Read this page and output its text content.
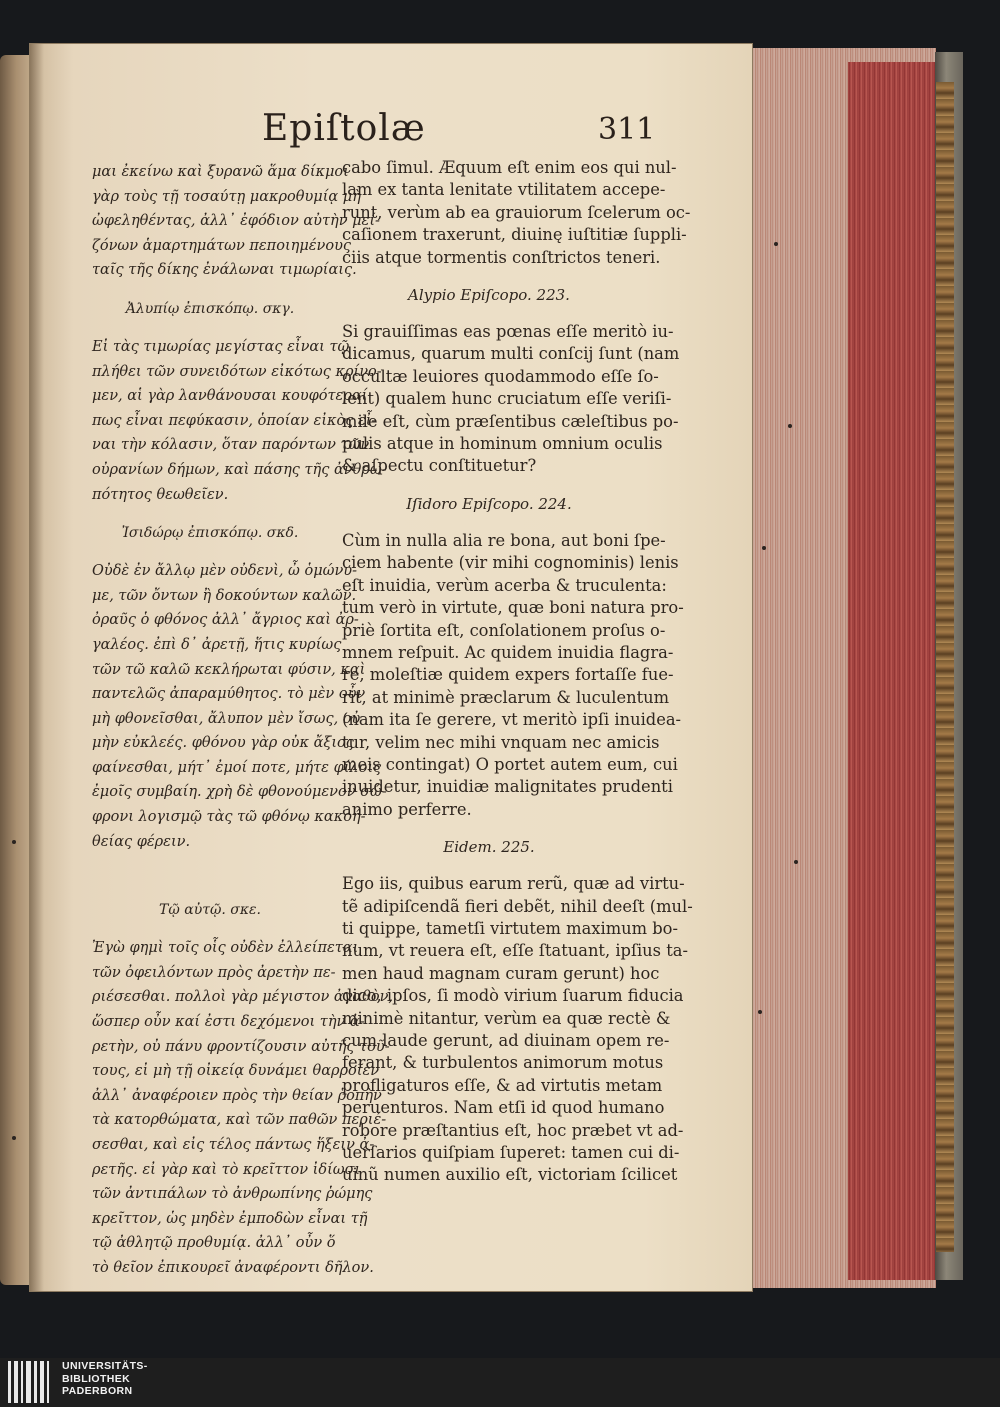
Epiſtolæ	311
μαι ἐκείνω καὶ ξυρανῶ ἅμα δίκμοι
γὰρ τοὺς τῇ τοσαύτῃ μακροθυμίᾳ μὴ
ὠφεληθέντας, ἀλλ᾽ ἐφόδιον αὐτὴν μεί-
ζόνων ἁμαρτημάτων πεποιημένους
ταῖς τῆς δίκης ἐνάλωναι τιμωρίαις.
Ἀλυπίῳ ἐπισκόπῳ. σκγ.
Εἰ τὰς τιμωρίας μεγίστας εἶναι τῷ
πλήθει τῶν συνειδότων εἰκότως κρίνο-
μεν, αἱ γὰρ λανθάνουσαι κουφότεραί
πως εἶναι πεφύκασιν, ὁποίαν εἰκὸς εἶ-
ναι τὴν κόλασιν, ὅταν παρόντων τῶν
οὐρανίων δήμων, καὶ πάσης τῆς ἀνθρω-
πότητος θεωθεῖεν.
Ἰσιδώρῳ ἐπισκόπῳ. σκδ.
Οὐδὲ ἐν ἄλλῳ μὲν οὐδενὶ, ὦ ὁμώνυ-
με, τῶν ὄντων ἢ δοκούντων καλῶν.
ὀραῦς ὁ φθόνος ἀλλ᾽ ἄγριος καὶ ἀρ-
γαλέος. ἐπὶ δ᾽ ἀρετῇ, ἥτις κυρίως
τῶν τῶ καλῶ κεκλήρωται φύσιν, καὶ
παντελῶς ἀπαραμύθητος. τὸ μὲν οὖν
μὴ φθονεῖσθαι, ἄλυπον μὲν ἴσως, οὐ
μὴν εὐκλεές. φθόνου γὰρ οὐκ ἄξιος
φαίνεσθαι, μήτ᾽ ἐμοί ποτε, μήτε φίλοις
ἐμοῖς συμβαίη. χρὴ δὲ φθονούμενον σώ-
φρονι λογισμῷ τὰς τῶ φθόνῳ κακοή-
θείας φέρειν.
Τῷ αὐτῷ. σκε.
Ἐγὼ φημὶ τοῖς οἷς οὐδὲν ἐλλείπεται
τῶν ὀφειλόντων πρὸς ἀρετὴν πε-
ριέσεσθαι. πολλοὶ γὰρ μέγιστον ἀγαθὸν,
ὥσπερ οὖν καί ἐστι δεχόμενοι τὴν ἀ-
ρετὴν, οὐ πάνυ φροντίζουσιν αὐτῆς τοῦ-
τους, εἰ μὴ τῇ οἰκείᾳ δυνάμει θαρροῖεν
ἀλλ᾽ ἀναφέροιεν πρὸς τὴν θείαν ῥοπὴν
τὰ κατορθώματα, καὶ τῶν παθῶν περιέ-
σεσθαι, καὶ εἰς τέλος πάντως ἥξειν ἀ-
ρετῆς. εἰ γὰρ καὶ τὸ κρεῖττον ἰδίωσι
τῶν ἀντιπάλων τὸ ἀνθρωπίνης ῥώμης
κρεῖττον, ὡς μηδὲν ἐμποδὼν εἶναι τῇ
τῷ ἀθλητῷ προθυμίᾳ. ἀλλ᾽ οὖν ὅ
τὸ θεῖον ἐπικουρεῖ ἀναφέροντι δῆλον.
cabo ſimul. Æquum eſt enim eos qui nul-
lam ex tanta lenitate vtilitatem accepe-
runt, verùm ab ea grauiorum ſcelerum oc-
caſionem traxerunt, diuinę iuſtitiæ ſuppli-
ciis atque tormentis conſtrictos teneri.
Alypio Epiſcopo. 223.
Si grauiſſimas eas pœnas eſſe meritò iu-
dicamus, quarum multi conſcij ſunt (nam
occultæ leuiores quodammodo eſſe ſo-
lent) qualem hunc cruciatum eſſe veriſi-
mile eſt, cùm præſentibus cæleſtibus po-
pulis atque in hominum omnium oculis
& aſpectu conſtituetur?
Iſidoro Epiſcopo. 224.
Cùm in nulla alia re bona, aut boni ſpe-
ciem habente (vir mihi cognominis) lenis
eſt inuidia, verùm acerba & truculenta:
tum verò in virtute, quæ boni natura pro-
priè ſortita eſt, conſolationem proſus o-
mnem reſpuit. Ac quidem inuidia flagra-
re, moleſtiæ quidem expers fortaſſe fue-
rit, at minimè præclarum & luculentum
(nam ita ſe gerere, vt meritò ipſi inuidea-
tur, velim nec mihi vnquam nec amicis
meis contingat) O portet autem eum, cui
inuidetur, inuidiæ malignitates prudenti
animo perferre.
Eidem. 225.
Ego iis, quibus earum rerũ, quæ ad virtu-
tẽ adipiſcendã fieri debẽt, nihil deeſt (mul-
ti quippe, tametſi virtutem maximum bo-
num, vt reuera eſt, eſſe ſtatuant, ipſius ta-
men haud magnam curam gerunt) hoc
dico, ipſos, ſi modò virium ſuarum fiducia
minimè nitantur, verùm ea quæ rectè &
cum laude gerunt, ad diuinam opem re-
ferant, & turbulentos animorum motus
profligaturos eſſe, & ad virtutis metam
peruenturos. Nam etſi id quod humano
robore præſtantius eſt, hoc præbet vt ad-
uerſarios quiſpiam ſuperet: tamen cui di-
uinũ numen auxilio eſt, victoriam ſcilicet
UNIVERSITÄTS-
BIBLIOTHEK
PADERBORN
